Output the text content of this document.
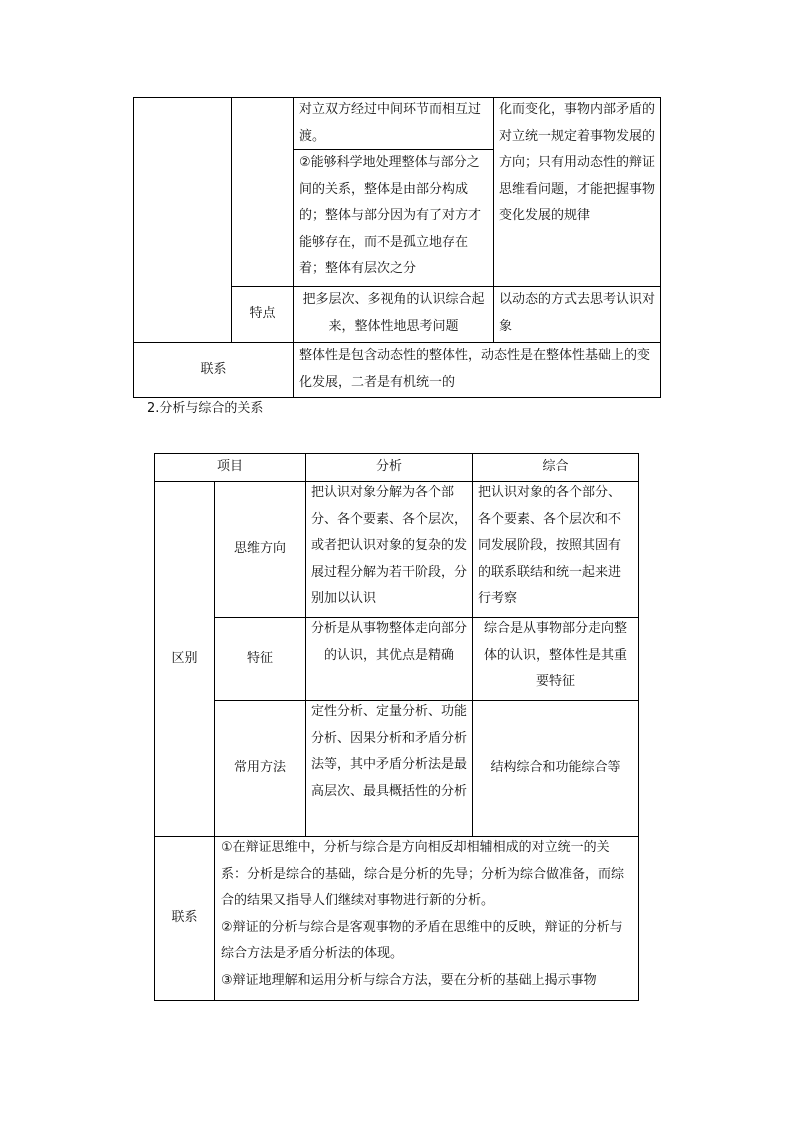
对立双方经过中间环节而相互过渡。
化而变化，事物内部矛盾的对立统一规定着事物发展的方向；只有用动态性的辩证思维看问题，才能把握事物变化发展的规律
②能够科学地处理整体与部分之间的关系，整体是由部分构成的；整体与部分因为有了对方才能够存在，而不是孤立地存在着；整体有层次之分
特点
把多层次、多视角的认识综合起来，整体性地思考问题
以动态的方式去思考认识对象
联系
整体性是包含动态性的整体性，动态性是在整体性基础上的变化发展，二者是有机统一的
2.分析与综合的关系
项目	分析	综合
区别
思维方向
把认识对象分解为各个部分、各个要素、各个层次，或者把认识对象的复杂的发展过程分解为若干阶段，分别加以认识
把认识对象的各个部分、各个要素、各个层次和不同发展阶段，按照其固有的联系联结和统一起来进行考察
特征
分析是从事物整体走向部分的认识，其优点是精确
综合是从事物部分走向整体的认识，整体性是其重要特征
常用方法
定性分析、定量分析、功能分析、因果分析和矛盾分析法等，其中矛盾分析法是最高层次、最具概括性的分析
结构综合和功能综合等
联系
①在辩证思维中，分析与综合是方向相反却相辅相成的对立统一的关系：分析是综合的基础，综合是分析的先导；分析为综合做准备，而综合的结果又指导人们继续对事物进行新的分析。
②辩证的分析与综合是客观事物的矛盾在思维中的反映，辩证的分析与综合方法是矛盾分析法的体现。
③辩证地理解和运用分析与综合方法，要在分析的基础上揭示事物
